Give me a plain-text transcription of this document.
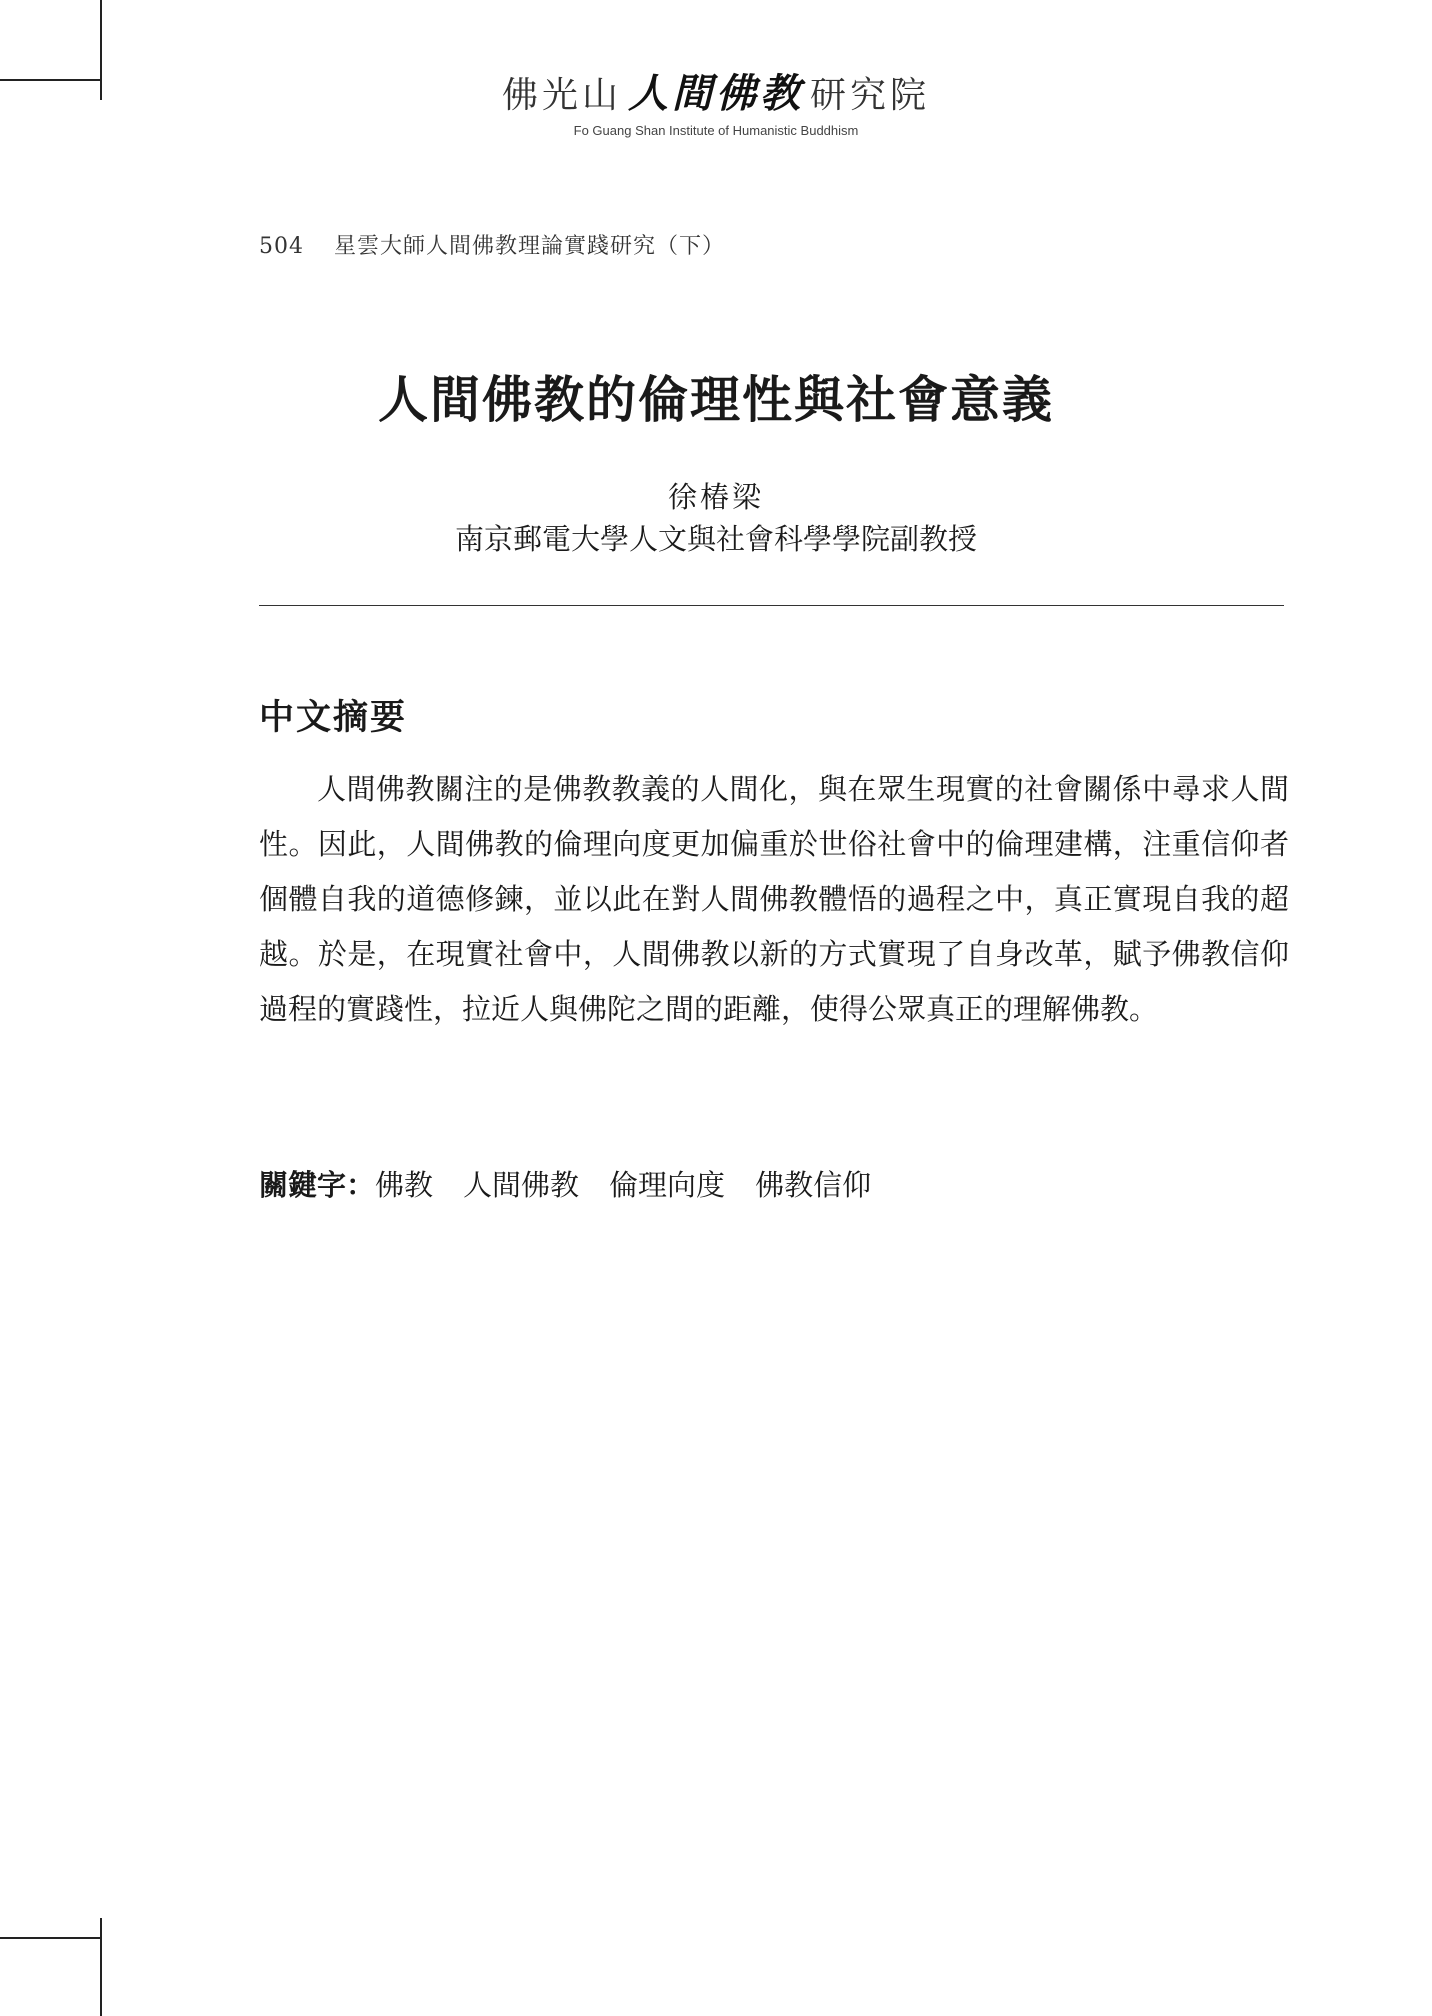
佛光山 人間佛教 研究院
Fo Guang Shan Institute of Humanistic Buddhism
504 星雲大師人間佛教理論實踐研究（下）
人間佛教的倫理性與社會意義
徐椿梁
南京郵電大學人文與社會科學學院副教授
中文摘要

人間佛教關注的是佛教教義的人間化，與在眾生現實的社會關係中尋求人間性。因此，人間佛教的倫理向度更加偏重於世俗社會中的倫理建構，注重信仰者個體自我的道德修鍊，並以此在對人間佛教體悟的過程之中，真正實現自我的超越。於是，在現實社會中，人間佛教以新的方式實現了自身改革，賦予佛教信仰過程的實踐性，拉近人與佛陀之間的距離，使得公眾真正的理解佛教。

關鍵字：佛教 人間佛教 倫理向度 佛教信仰
